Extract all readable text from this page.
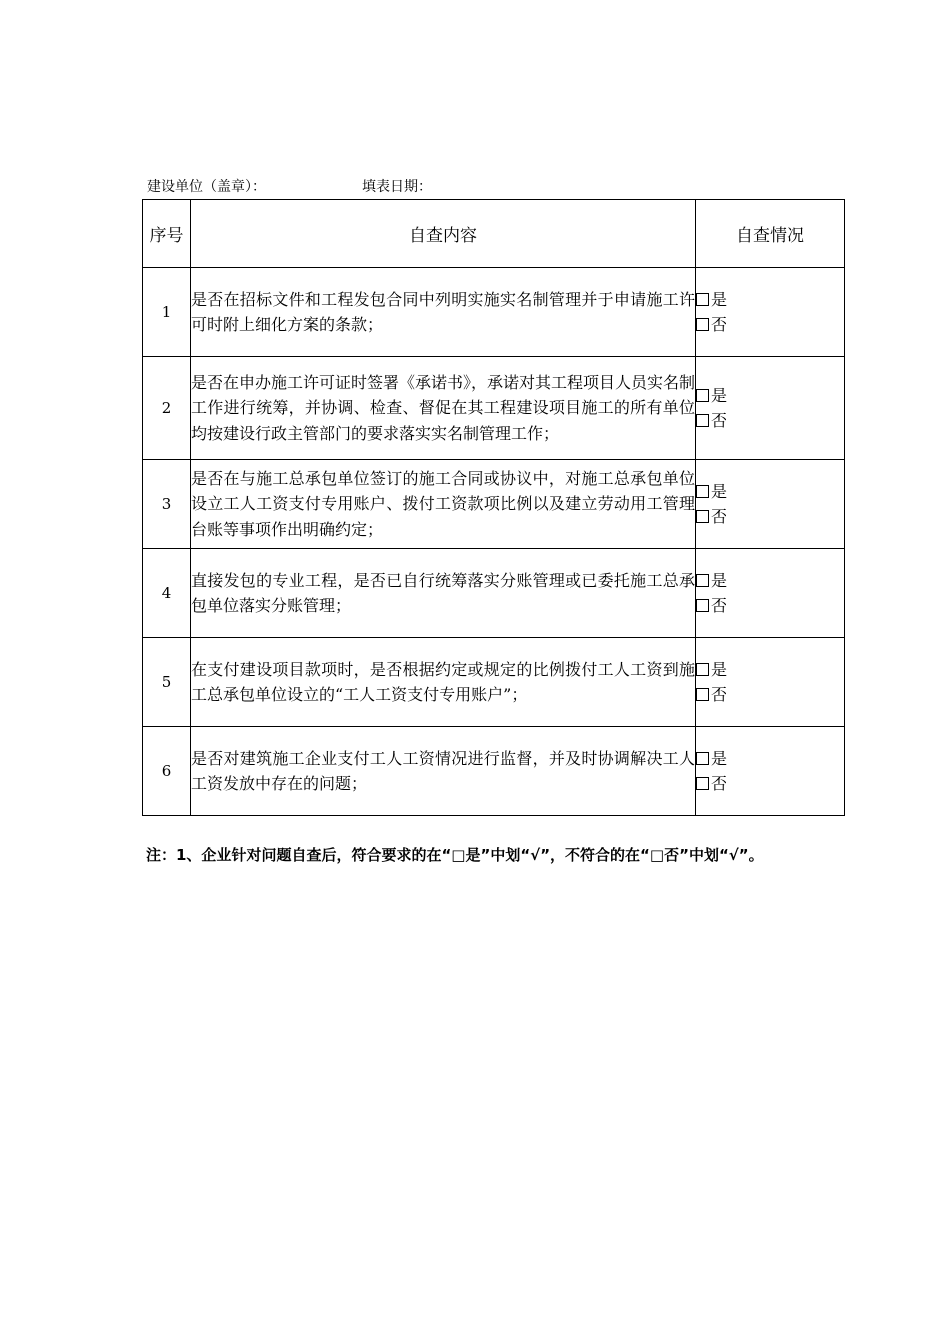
建设单位（盖章）：	填表日期：
序号	自查内容	自查情况
1	是否在招标文件和工程发包合同中列明实施实名制管理并于申请施工许可时附上细化方案的条款；	是
否

2	是否在申办施工许可证时签署《承诺书》，承诺对其工程项目人员实名制工作进行统筹，并协调、检查、督促在其工程建设项目施工的所有单位均按建设行政主管部门的要求落实实名制管理工作；	是
否

3	是否在与施工总承包单位签订的施工合同或协议中，对施工总承包单位设立工人工资支付专用账户、拨付工资款项比例以及建立劳动用工管理台账等事项作出明确约定；	是
否

4	直接发包的专业工程，是否已自行统筹落实分账管理或已委托施工总承包单位落实分账管理；	是
否

5	在支付建设项目款项时，是否根据约定或规定的比例拨付工人工资到施工总承包单位设立的“工人工资支付专用账户”；	是
否

6	是否对建筑施工企业支付工人工资情况进行监督，并及时协调解决工人工资发放中存在的问题；	是
否
注：1、企业针对问题自查后，符合要求的在“□是”中划“√”，不符合的在“□否”中划“√”。
